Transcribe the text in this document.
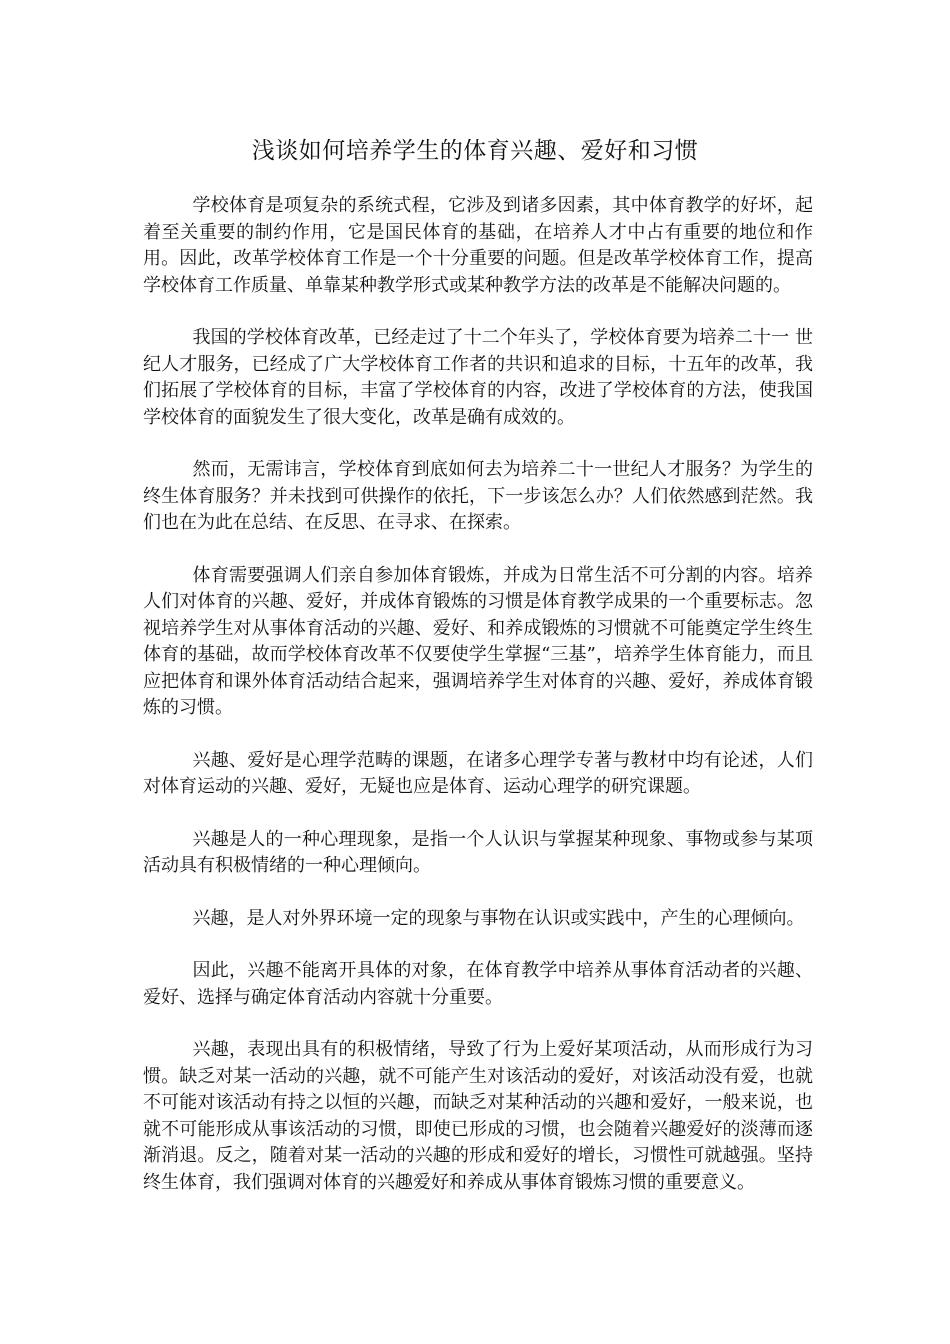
浅谈如何培养学生的体育兴趣、爱好和习惯

学校体育是项复杂的系统式程，它涉及到诸多因素，其中体育教学的好坏，起着至关重要的制约作用，它是国民体育的基础，在培养人才中占有重要的地位和作用。因此，改革学校体育工作是一个十分重要的问题。但是改革学校体育工作，提高学校体育工作质量、单靠某种教学形式或某种教学方法的改革是不能解决问题的。

我国的学校体育改革，已经走过了十二个年头了，学校体育要为培养二十一 世纪人才服务，已经成了广大学校体育工作者的共识和追求的目标，十五年的改革，我们拓展了学校体育的目标，丰富了学校体育的内容，改进了学校体育的方法，使我国学校体育的面貌发生了很大变化，改革是确有成效的。

然而，无需讳言，学校体育到底如何去为培养二十一世纪人才服务？为学生的终生体育服务？并未找到可供操作的依托，下一步该怎么办？人们依然感到茫然。我们也在为此在总结、在反思、在寻求、在探索。

体育需要强调人们亲自参加体育锻炼，并成为日常生活不可分割的内容。培养人们对体育的兴趣、爱好，并成体育锻炼的习惯是体育教学成果的一个重要标志。忽视培养学生对从事体育活动的兴趣、爱好、和养成锻炼的习惯就不可能奠定学生终生体育的基础，故而学校体育改革不仅要使学生掌握“三基”，培养学生体育能力，而且应把体育和课外体育活动结合起来，强调培养学生对体育的兴趣、爱好，养成体育锻炼的习惯。

兴趣、爱好是心理学范畴的课题，在诸多心理学专著与教材中均有论述，人们对体育运动的兴趣、爱好，无疑也应是体育、运动心理学的研究课题。

兴趣是人的一种心理现象，是指一个人认识与掌握某种现象、事物或参与某项活动具有积极情绪的一种心理倾向。

兴趣，是人对外界环境一定的现象与事物在认识或实践中，产生的心理倾向。

因此，兴趣不能离开具体的对象，在体育教学中培养从事体育活动者的兴趣、爱好、选择与确定体育活动内容就十分重要。

兴趣，表现出具有的积极情绪，导致了行为上爱好某项活动，从而形成行为习惯。缺乏对某一活动的兴趣，就不可能产生对该活动的爱好，对该活动没有爱，也就不可能对该活动有持之以恒的兴趣，而缺乏对某种活动的兴趣和爱好，一般来说，也就不可能形成从事该活动的习惯，即使已形成的习惯，也会随着兴趣爱好的淡薄而逐渐消退。反之，随着对某一活动的兴趣的形成和爱好的增长，习惯性可就越强。坚持终生体育，我们强调对体育的兴趣爱好和养成从事体育锻炼习惯的重要意义。
